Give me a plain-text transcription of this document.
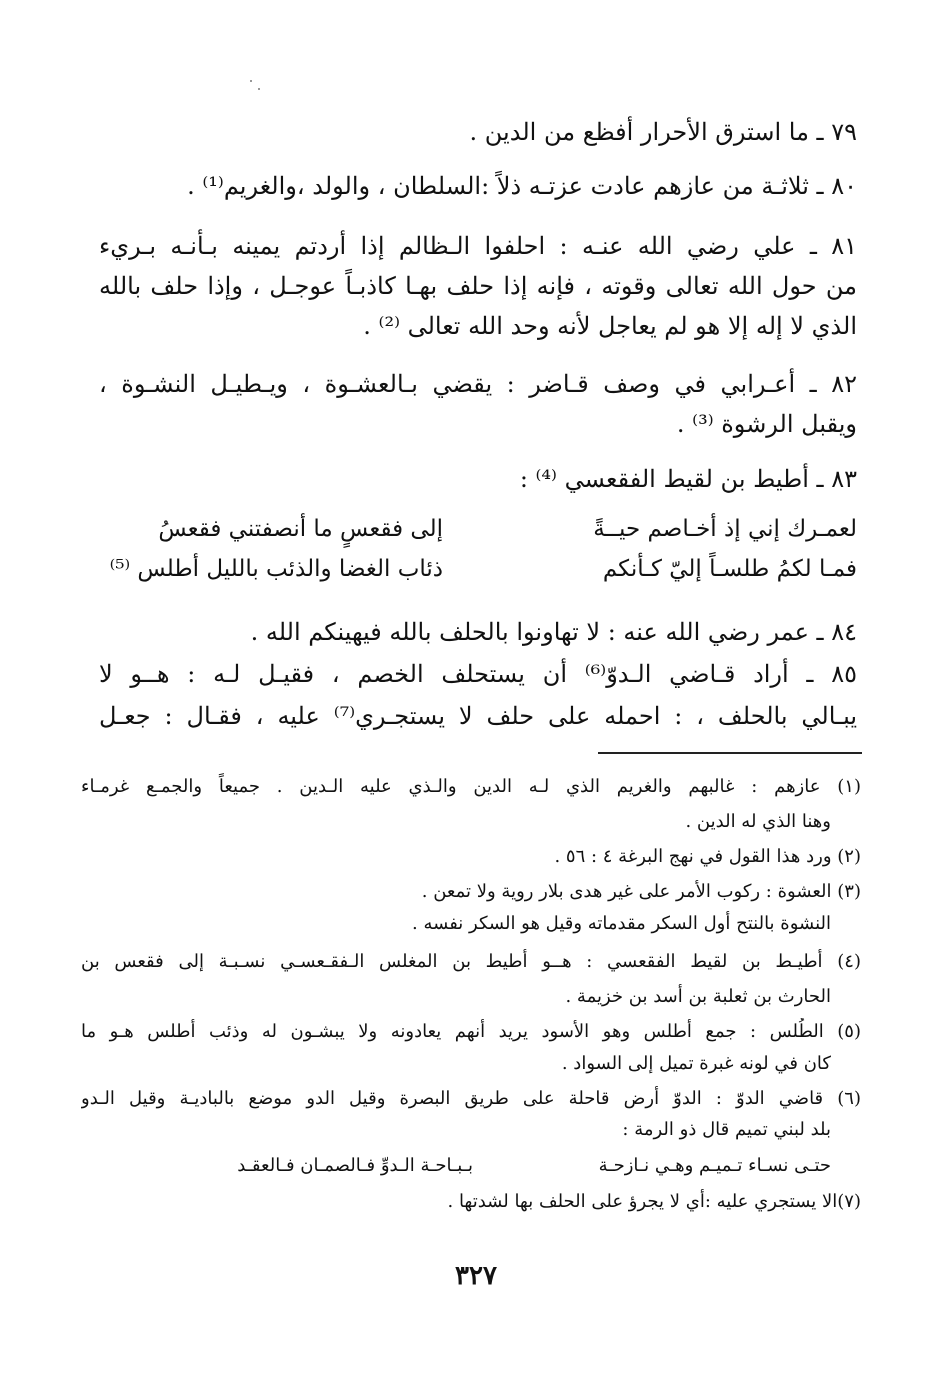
٧٩ ـ ما استرق الأحرار أفظع من الدين .
٨٠ ـ ثلاثـة من عازهم عادت عزتـه ذلاً :السلطان ، والولد ،والغريم⁽¹⁾ .
٨١ ـ علي رضي الله عنـه : احلفوا الـظالم إذا أردتم يمينه بـأنـه بـريء
من حول الله تعالى وقوته ، فإنه إذا حلف بهـا كاذبـاً عوجـل ، وإذا حلف بالله
الذي لا إله إلا هو لم يعاجل لأنه وحد الله تعالى ⁽²⁾ .
٨٢ ـ أعـرابي في وصف قـاضر : يقضي بـالعشـوة ، ويـطيـل النشـوة ،
ويقبل الرشوة ⁽³⁾ .
٨٣ ـ أطيط بن لقيط الفقعسي ⁽⁴⁾ :
لعمـرك إني إذ أخـاصم حيــةً
إلى فقعسٍ ما أنصفتني فقعسُ
فمـا لكمُ طلسـاً إليّ كـأنكم
ذئاب الغضا والذئب بالليل أطلس ⁽⁵⁾
٨٤ ـ عمر رضي الله عنه : لا تهاونوا بالحلف بالله فيهينكم الله .
٨٥ ـ أراد قـاضي الـدوّ⁽⁶⁾ أن يستحلف الخصم ، فقيـل لـه : هــو لا
يبـالي بالحلف ، : احمله على حلف لا يستجـري⁽⁷⁾ عليه ، فقـال : جعـل
(١) عازهم : غالبهم والغريم الذي لـه الدين والـذي عليه الـدين . جميعاً والجمـع غرمـاء
وهنا الذي له الدين .
(٢) ورد هذا القول في نهج البرغة ٤ : ٥٦ .
(٣) العشوة : ركوب الأمر على غير هدى بلار روية ولا تمعن .
النشوة بالنتح أول السكر مقدماته وقيل هو السكر نفسه .
(٤) أطيـط بن لقيط الفقعسي : هــو أطيط بن المغلس الـفقـعسـي نسـبـة إلى فقعس بن
الحارث بن ثعلبة بن أسد بن خزيمة .
(٥) الطُلس : جمع أطلس وهو الأسود يريد أنهم يعادونه ولا يبشـون له وذئب أطلس هـو ما
كان في لونه غبرة تميل إلى السواد .
(٦) قاضي الدوّ : الدوّ أرض قاحلة على طريق البصرة وقيل الدو موضع بالباديـة وقيل الـدو
بلد لبني تميم قال ذو الرمة :
حتـى نسـاء تـميـم وهـي نـازحـة
بـبـاحـة الـدوِّ فـالصمـان فـالعقـد
(٧)الا يستجري عليه :أي لا يجرؤ على الحلف بها لشدتها .
٣٢٧
